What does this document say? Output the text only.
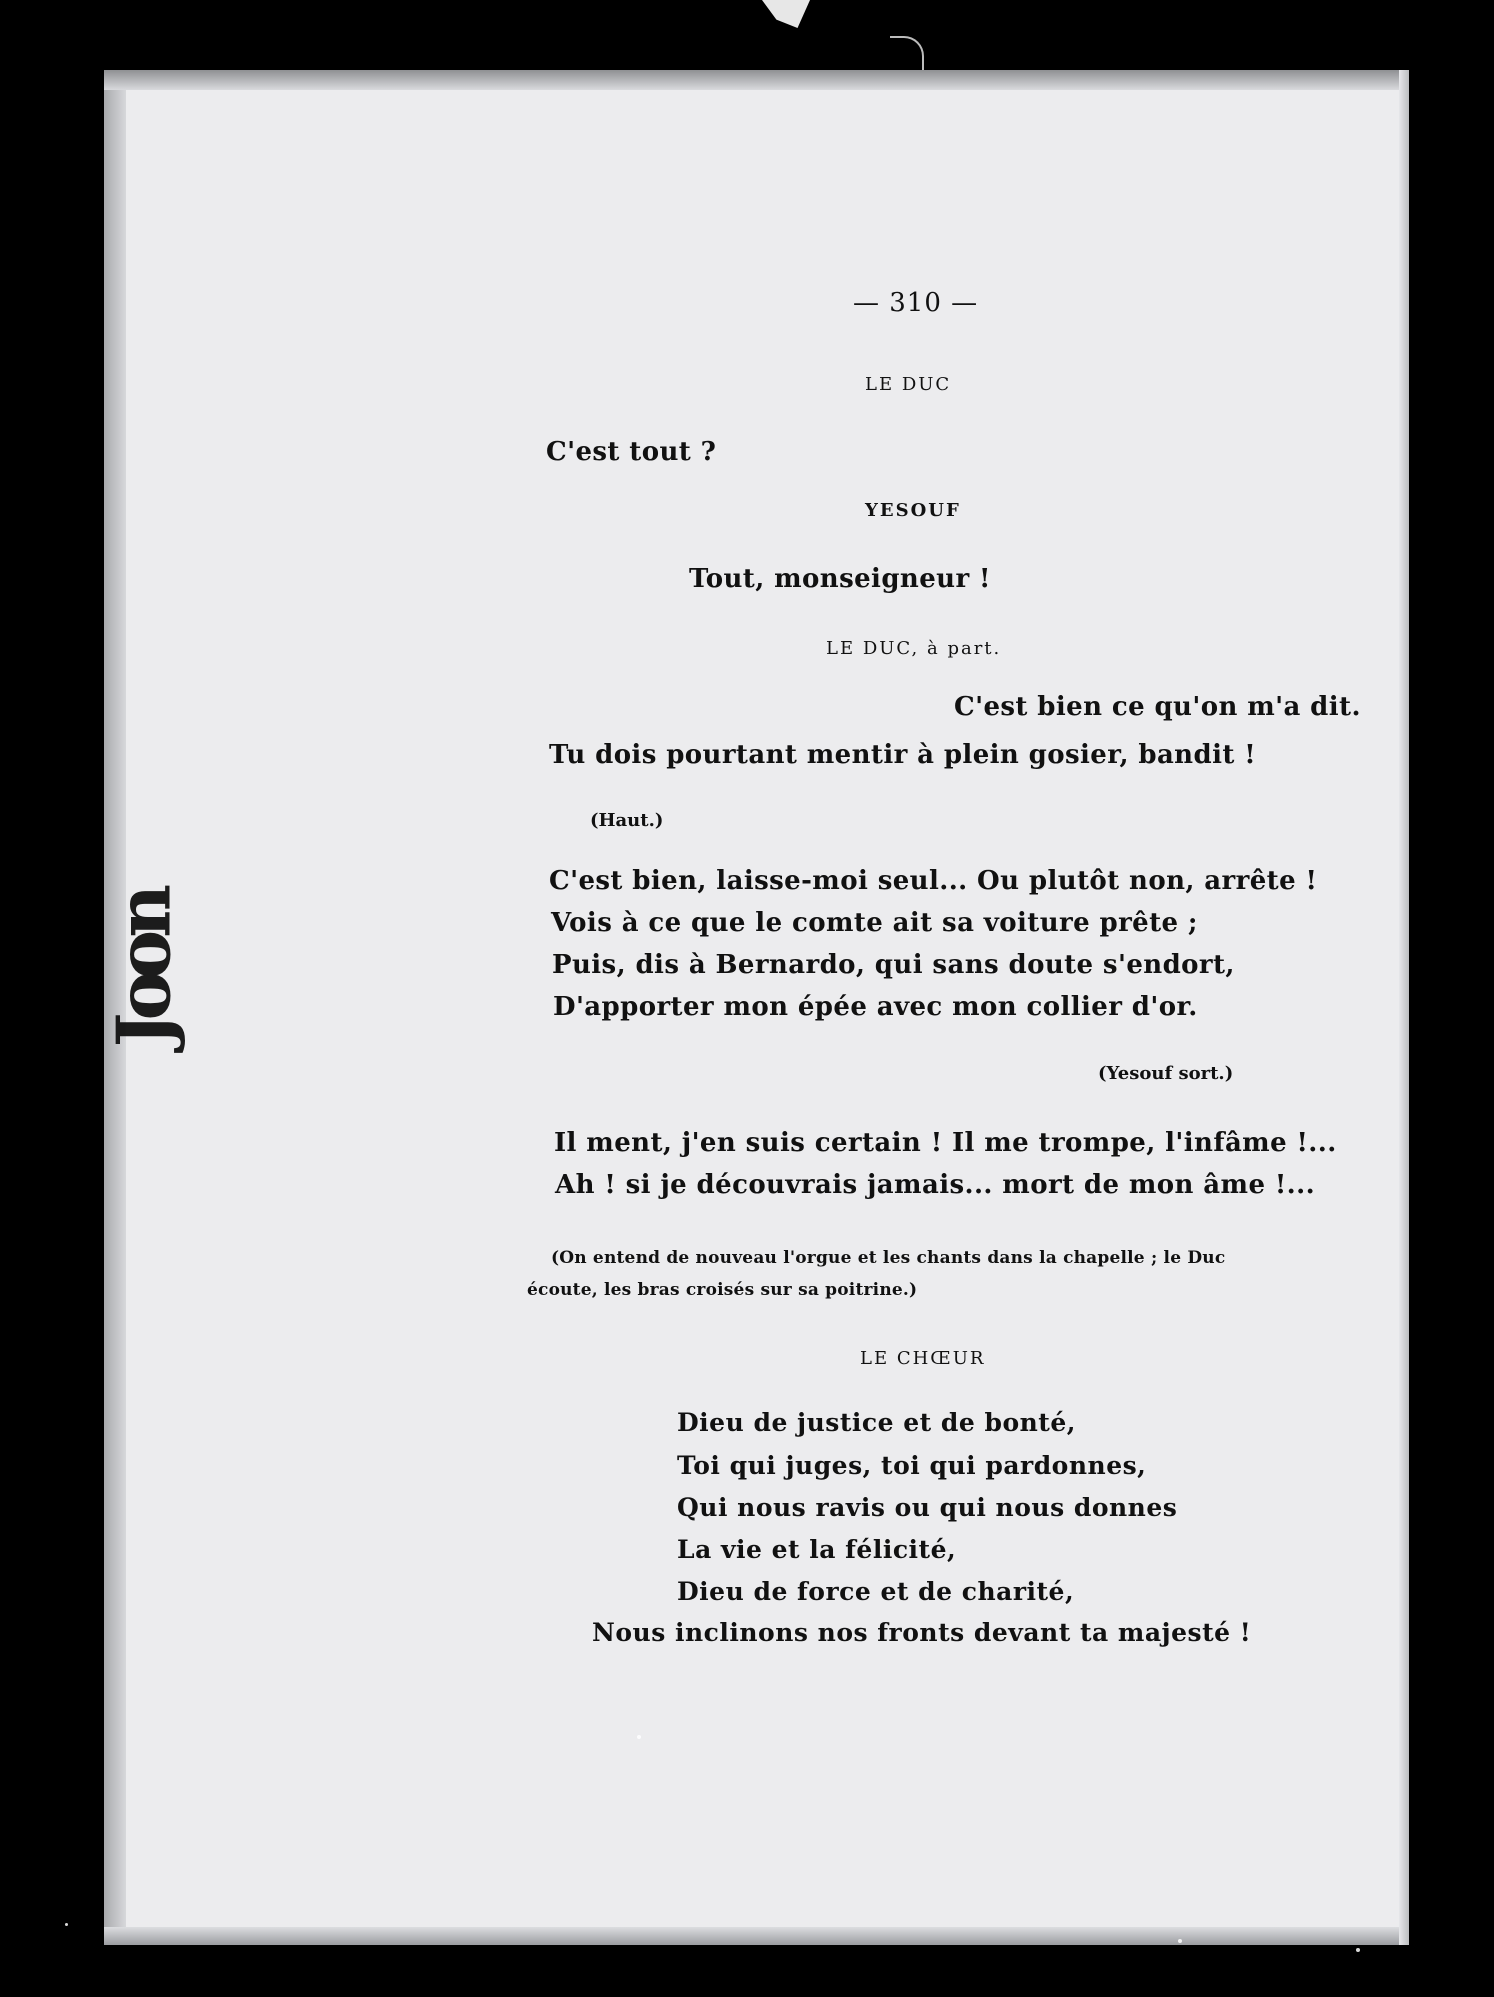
— 310 —
LE DUC
C'est tout ?
YESOUF
Tout, monseigneur !
LE DUC, à part.
C'est bien ce qu'on m'a dit.
Tu dois pourtant mentir à plein gosier, bandit !
(Haut.)
C'est bien, laisse-moi seul... Ou plutôt non, arrête !
Vois à ce que le comte ait sa voiture prête ;
Puis, dis à Bernardo, qui sans doute s'endort,
D'apporter mon épée avec mon collier d'or.
(Yesouf sort.)
Il ment, j'en suis certain ! Il me trompe, l'infâme !...
Ah ! si je découvrais jamais... mort de mon âme !...
(On entend de nouveau l'orgue et les chants dans la chapelle ; le Duc
écoute, les bras croisés sur sa poitrine.)
LE CHŒUR
Dieu de justice et de bonté,
Toi qui juges, toi qui pardonnes,
Qui nous ravis ou qui nous donnes
La vie et la félicité,
Dieu de force et de charité,
Nous inclinons nos fronts devant ta majesté !
